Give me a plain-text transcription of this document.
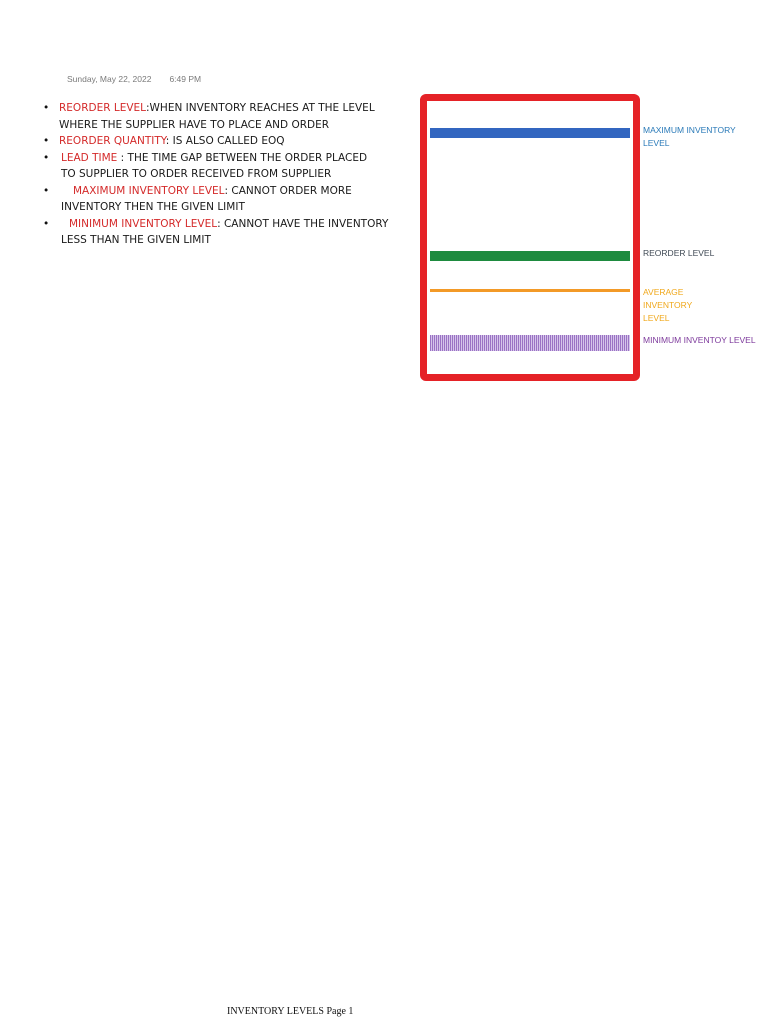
Sunday, May 22, 2022 6:49 PM
• REORDER LEVEL:WHEN INVENTORY REACHES AT THE LEVEL
WHERE THE SUPPLIER HAVE TO PLACE AND ORDER
• REORDER QUANTITY: IS ALSO CALLED EOQ
• LEAD TIME : THE TIME GAP BETWEEN THE ORDER PLACED
TO SUPPLIER TO ORDER RECEIVED FROM SUPPLIER
• MAXIMUM INVENTORY LEVEL: CANNOT ORDER MORE
INVENTORY THEN THE GIVEN LIMIT
• MINIMUM INVENTORY LEVEL: CANNOT HAVE THE INVENTORY
LESS THAN THE GIVEN LIMIT
MAXIMUM INVENTORY LEVEL
REORDER LEVEL
AVERAGE INVENTORY LEVEL
MINIMUM INVENTOY LEVEL
INVENTORY LEVELS Page 1
